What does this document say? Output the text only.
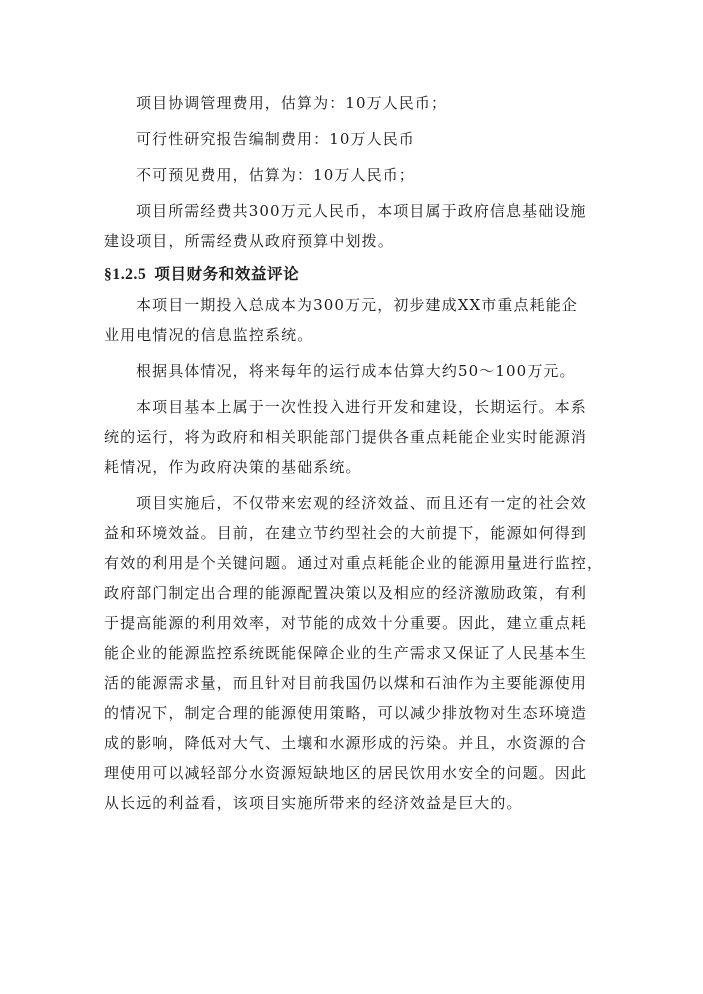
项目协调管理费用，估算为：10万人民币；
可行性研究报告编制费用：10万人民币
不可预见费用，估算为：10万人民币；
项目所需经费共300万元人民币，本项目属于政府信息基础设施
建设项目，所需经费从政府预算中划拨。
§1.2.5 项目财务和效益评论
本项目一期投入总成本为300万元，初步建成XX市重点耗能企
业用电情况的信息监控系统。
根据具体情况，将来每年的运行成本估算大约50～100万元。
本项目基本上属于一次性投入进行开发和建设，长期运行。本系
统的运行，将为政府和相关职能部门提供各重点耗能企业实时能源消
耗情况，作为政府决策的基础系统。
项目实施后，不仅带来宏观的经济效益、而且还有一定的社会效
益和环境效益。目前，在建立节约型社会的大前提下，能源如何得到
有效的利用是个关键问题。通过对重点耗能企业的能源用量进行监控，
政府部门制定出合理的能源配置决策以及相应的经济激励政策，有利
于提高能源的利用效率，对节能的成效十分重要。因此，建立重点耗
能企业的能源监控系统既能保障企业的生产需求又保证了人民基本生
活的能源需求量，而且针对目前我国仍以煤和石油作为主要能源使用
的情况下，制定合理的能源使用策略，可以减少排放物对生态环境造
成的影响，降低对大气、土壤和水源形成的污染。并且，水资源的合
理使用可以减轻部分水资源短缺地区的居民饮用水安全的问题。因此
从长远的利益看，该项目实施所带来的经济效益是巨大的。
